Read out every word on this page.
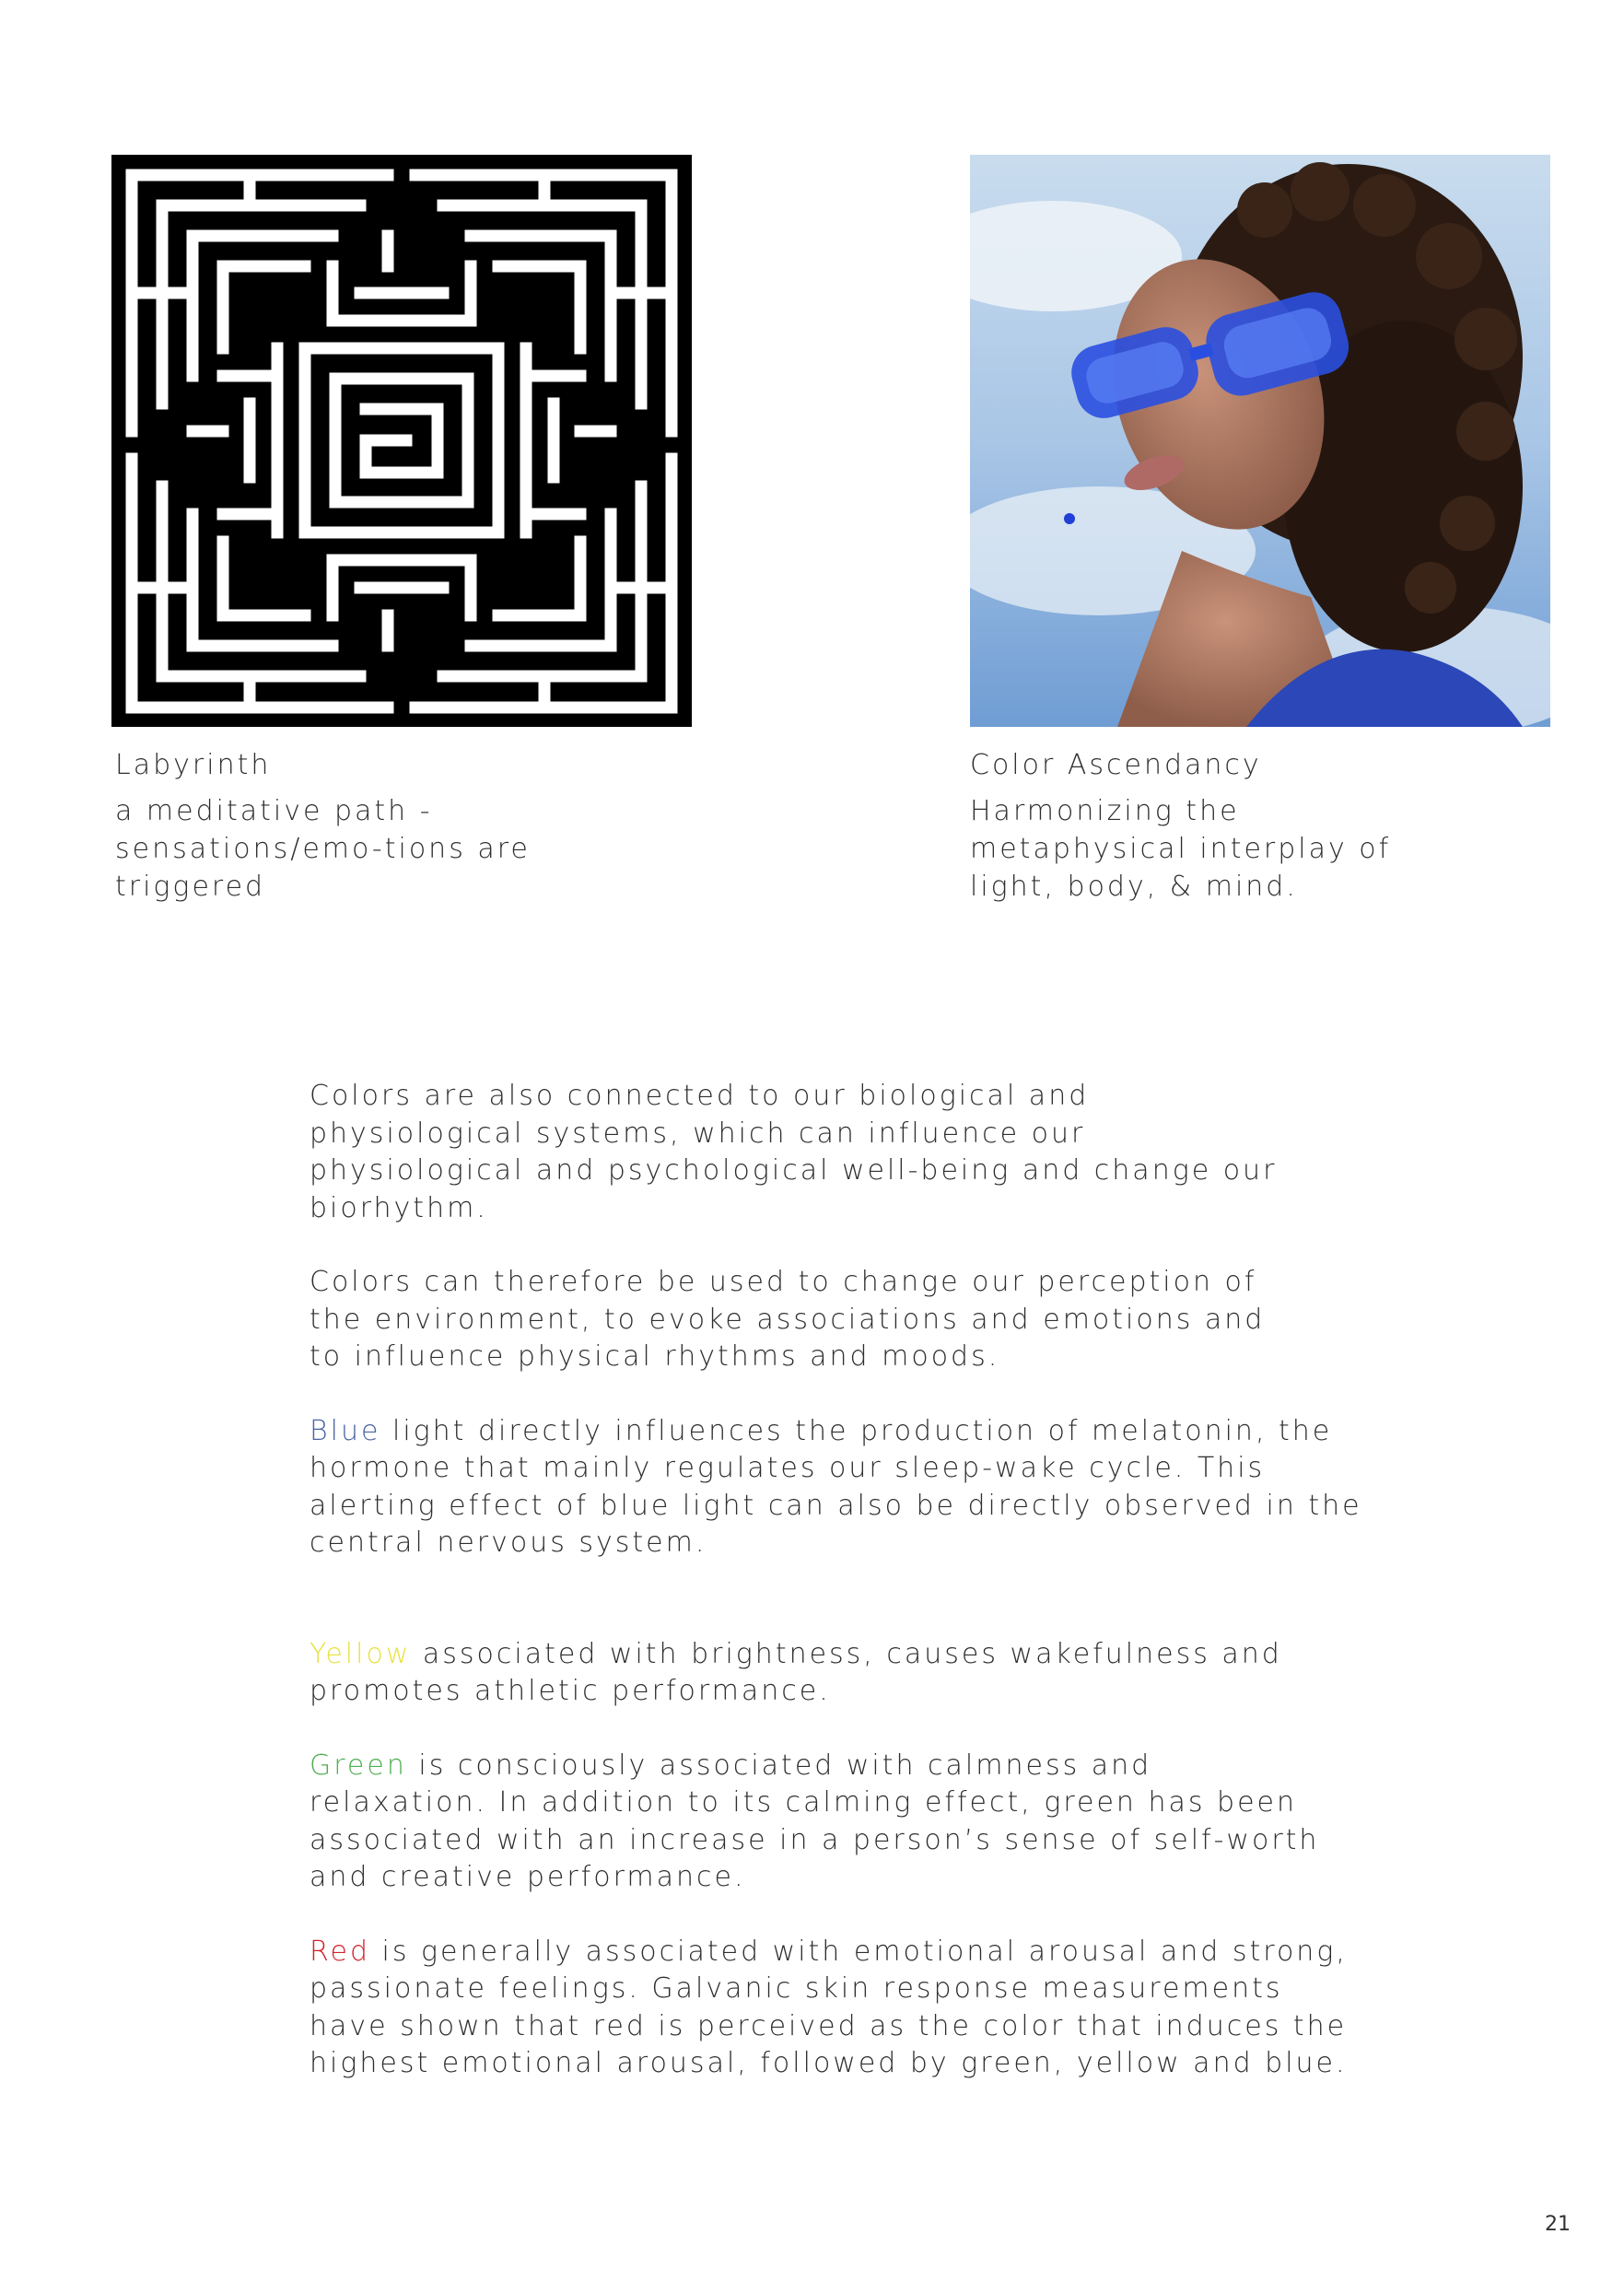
Labyrinth
a meditative path - sensations/emo-tions are triggered
Color Ascendancy
Harmonizing the metaphysical interplay of light, body, & mind.

Colors are also connected to our biological and physiological systems, which can influence our physiological and psychological well-being and change our biorhythm.

Colors can therefore be used to change our perception of the environment, to evoke associations and emotions and to influence physical rhythms and moods.

Blue light directly influences the production of melatonin, the hormone that mainly regulates our sleep-wake cycle. This alerting effect of blue light can also be directly observed in the central nervous system.

Yellow associated with brightness, causes wakefulness and promotes athletic performance.

Green is consciously associated with calmness and relaxation. In addition to its calming effect, green has been associated with an increase in a person’s sense of self-worth and creative performance.

Red is generally associated with emotional arousal and strong, passionate feelings. Galvanic skin response measurements have shown that red is perceived as the color that induces the highest emotional arousal, followed by green, yellow and blue.

21
